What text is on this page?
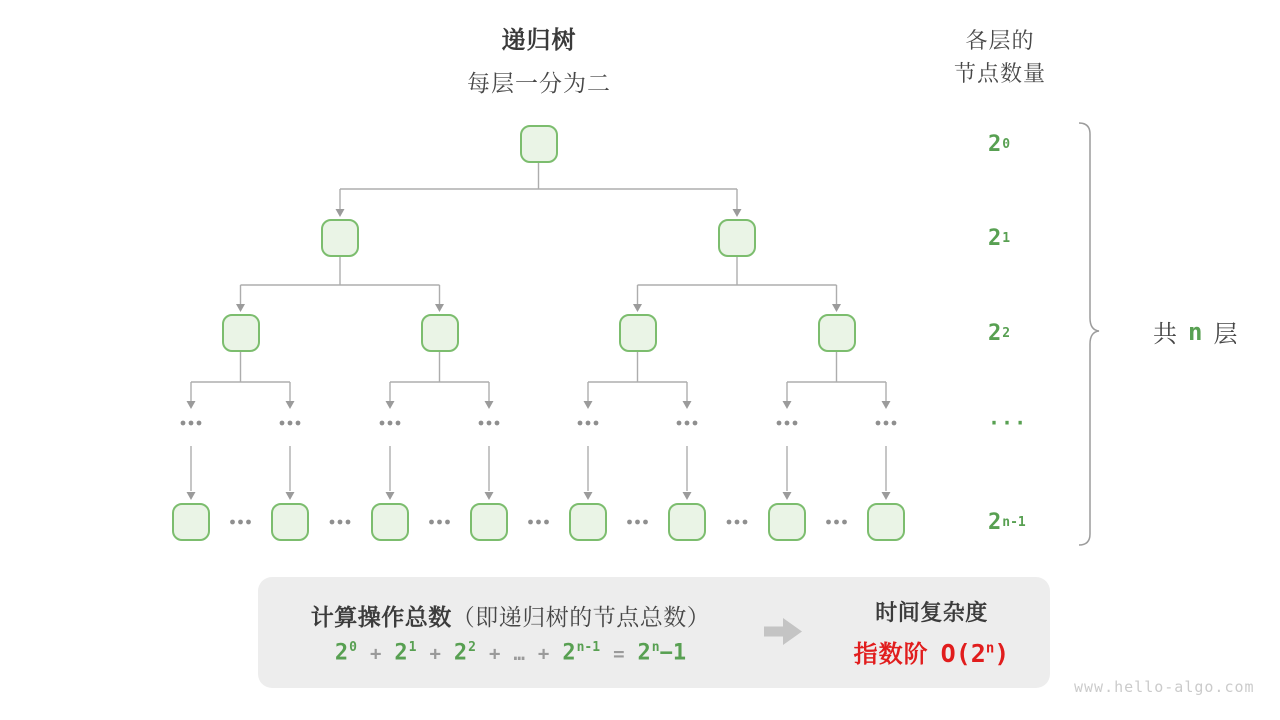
递归树
每层一分为二
各层的
节点数量
2 0
2 1
2 2
···
2 n-1
共 n 层
计算操作总数（即递归树的节点总数）
$2^0 + 2^1 + 2^2$ + … + $2^{n-1} = 2^n-1$
时间复杂度
指数阶 O(2$^n$)
www.hello-algo.com
